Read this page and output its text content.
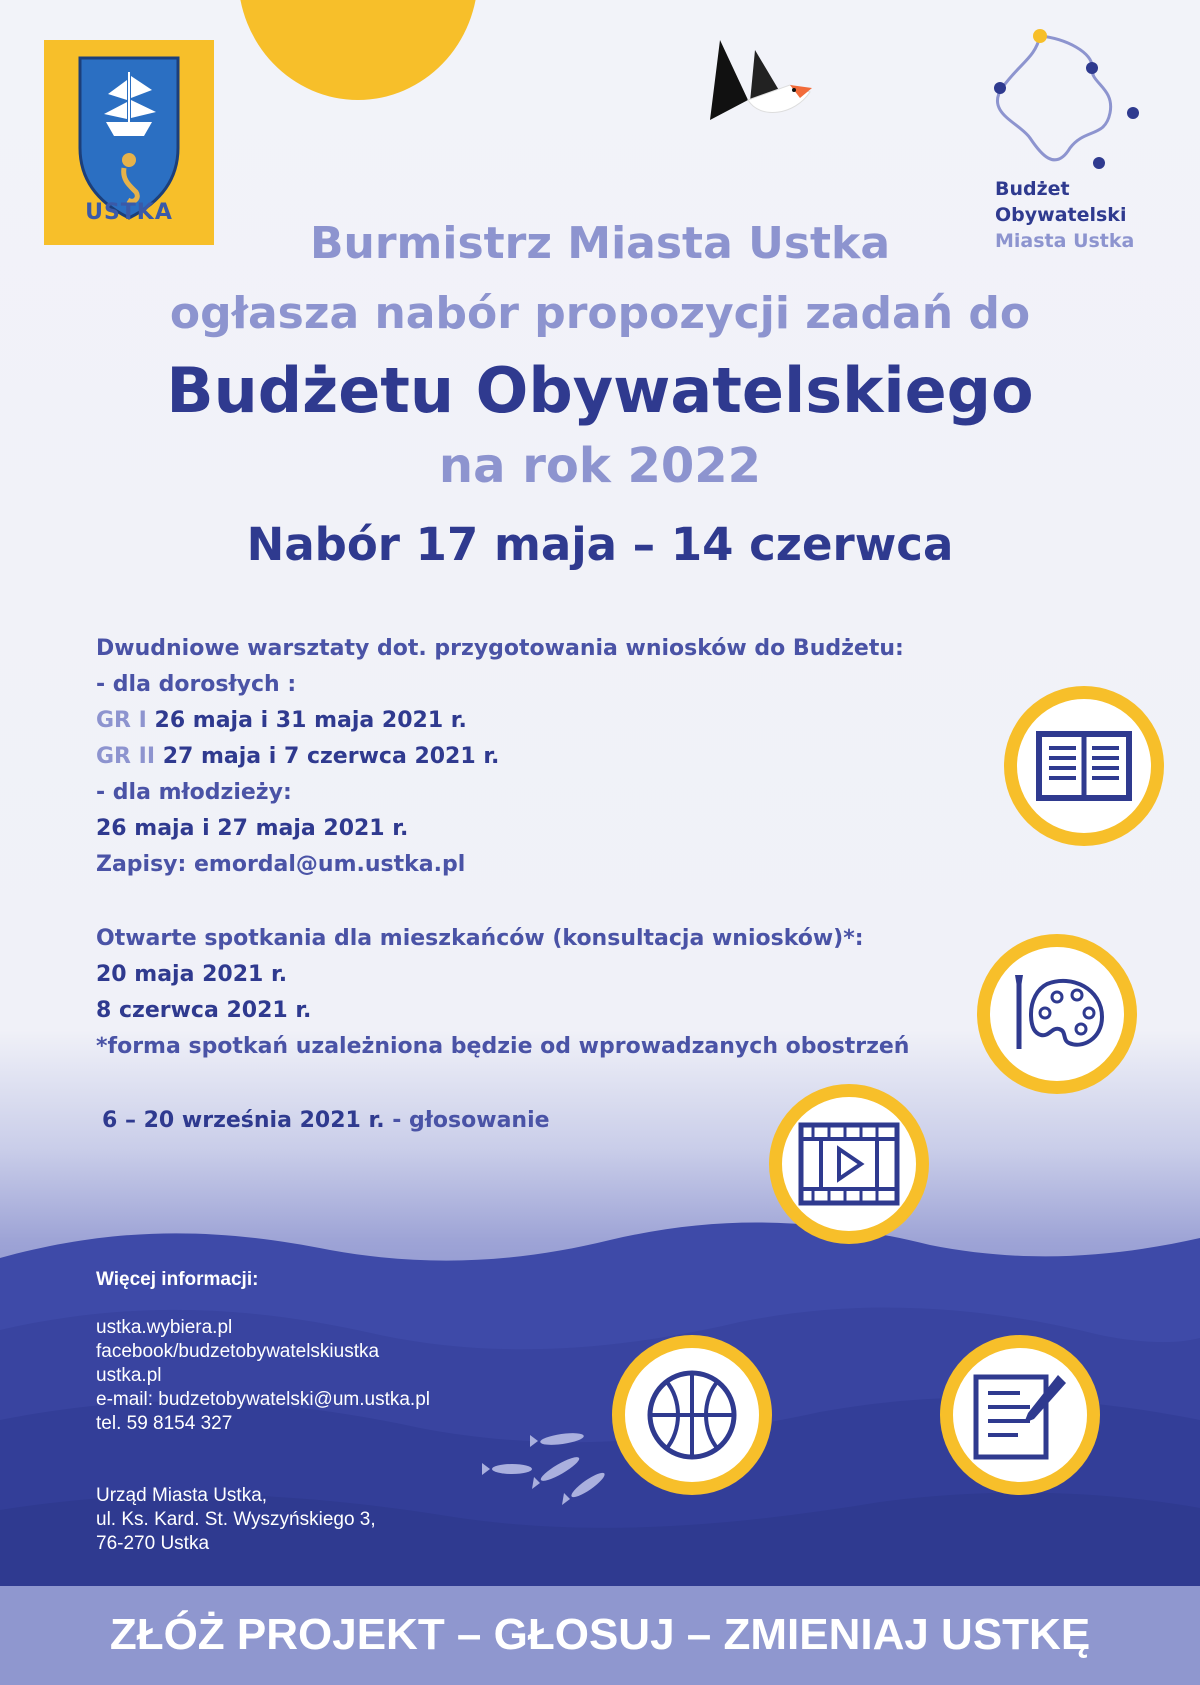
USTKA
Budżet
Obywatelski
Miasta Ustka
Burmistrz Miasta Ustka
ogłasza nabór propozycji zadań do
Budżetu Obywatelskiego
na rok 2022
Nabór 17 maja – 14 czerwca
Dwudniowe warsztaty dot. przygotowania wniosków do Budżetu:
- dla dorosłych :
GR I 26 maja i 31 maja 2021 r.
GR II 27 maja i 7 czerwca 2021 r.
- dla młodzieży:
26 maja i 27 maja 2021 r.
Zapisy: emordal@um.ustka.pl
Otwarte spotkania dla mieszkańców (konsultacja wniosków)*:
20 maja 2021 r.
8 czerwca 2021 r.
*forma spotkań uzależniona będzie od wprowadzanych obostrzeń
6 – 20 września 2021 r. - głosowanie
Więcej informacji:
ustka.wybiera.pl
facebook/budzetobywatelskiustka
ustka.pl
e-mail: budzetobywatelski@um.ustka.pl
tel. 59 8154 327
Urząd Miasta Ustka,
ul. Ks. Kard. St. Wyszyńskiego 3,
76-270 Ustka
ZŁÓŻ PROJEKT – GŁOSUJ – ZMIENIAJ USTKĘ
